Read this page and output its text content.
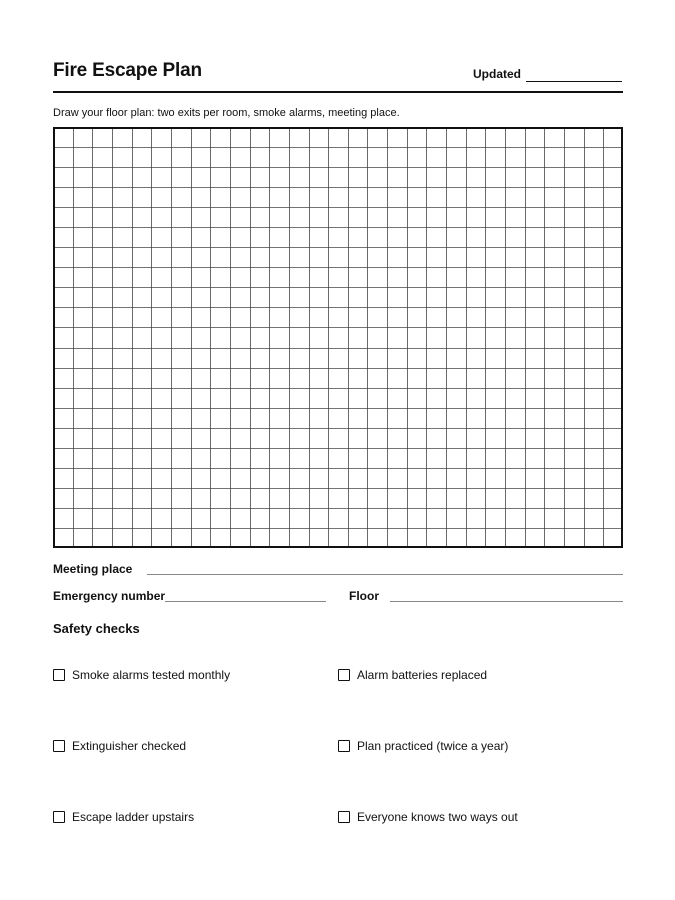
Fire Escape Plan	Updated
Draw your floor plan: two exits per room, smoke alarms, meeting place.
Meeting place
Emergency number	Floor
Safety checks
Smoke alarms tested monthly	Alarm batteries replaced
Extinguisher checked	Plan practiced (twice a year)
Escape ladder upstairs	Everyone knows two ways out
